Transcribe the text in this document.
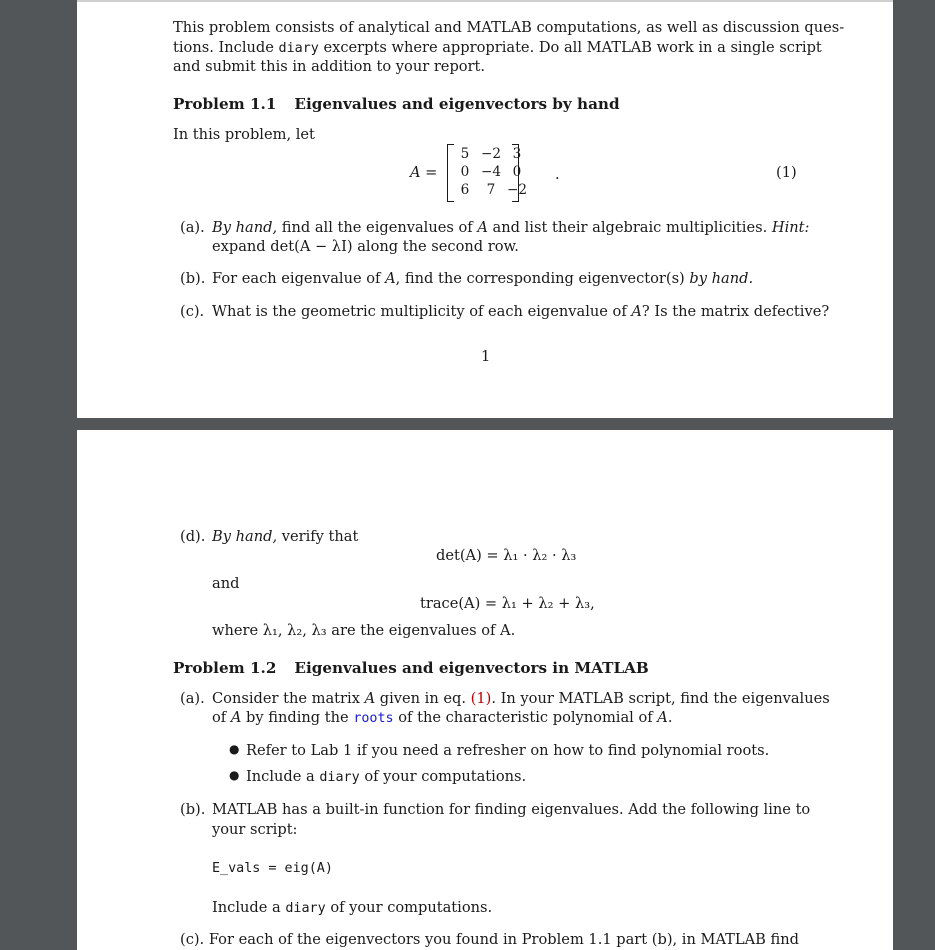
This problem consists of analytical and MATLAB computations, as well as discussion ques-
tions. Include diary excerpts where appropriate. Do all MATLAB work in a single script
and submit this in addition to your report.
Problem 1.1 Eigenvalues and eigenvectors by hand
In this problem, let
A =
5 −2 3
0 −4 0
6	7 −2
.	(1)
(a). By hand, find all the eigenvalues of A and list their algebraic multiplicities. Hint:
expand det(A − λI) along the second row.
(b). For each eigenvalue of A, find the corresponding eigenvector(s) by hand.
(c). What is the geometric multiplicity of each eigenvalue of A? Is the matrix defective?
1
(d). By hand, verify that
det(A) = λ₁ · λ₂ · λ₃
and
trace(A) = λ₁ + λ₂ + λ₃,
where λ₁, λ₂, λ₃ are the eigenvalues of A.
Problem 1.2 Eigenvalues and eigenvectors in MATLAB
(a). Consider the matrix A given in eq. (1). In your MATLAB script, find the eigenvalues
of A by finding the roots of the characteristic polynomial of A.
● Refer to Lab 1 if you need a refresher on how to find polynomial roots.
● Include a diary of your computations.
(b). MATLAB has a built-in function for finding eigenvalues. Add the following line to
your script:
E_vals = eig(A)
Include a diary of your computations.
(c). For each of the eigenvectors you found in Problem 1.1 part (b), in MATLAB find
